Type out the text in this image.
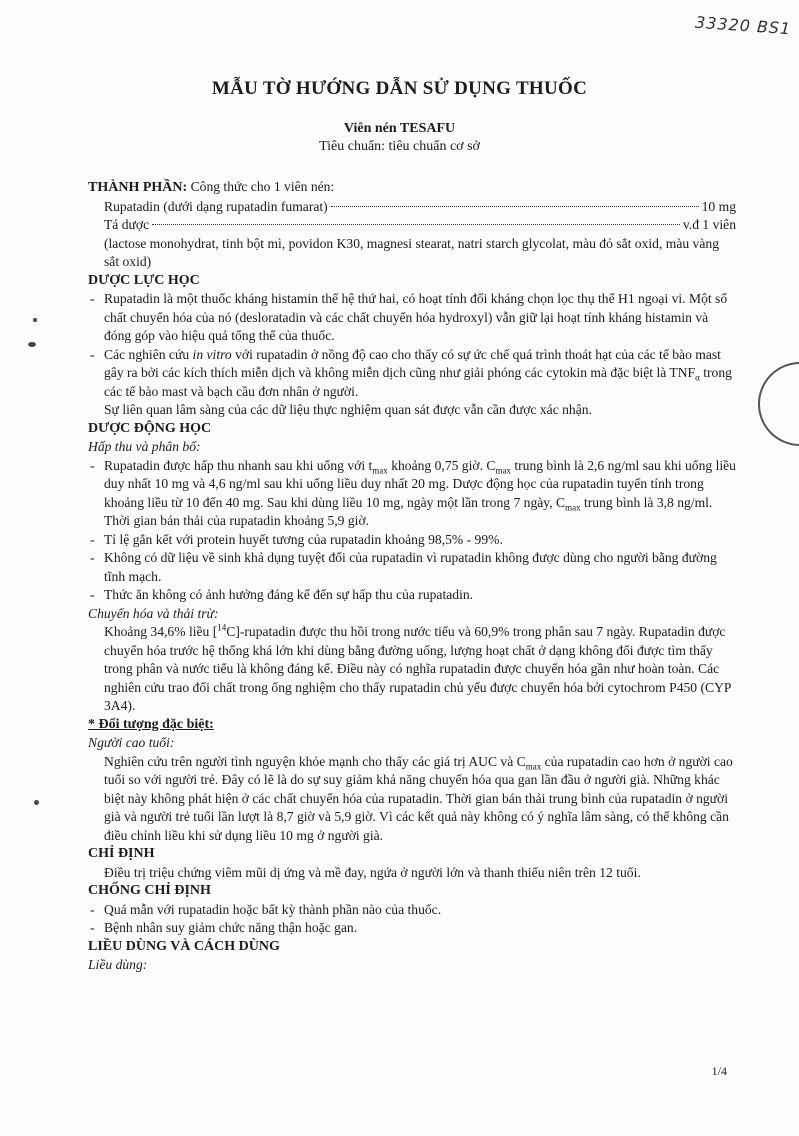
33320 BS1
MẪU TỜ HƯỚNG DẪN SỬ DỤNG THUỐC
Viên nén TESAFU
Tiêu chuẩn: tiêu chuẩn cơ sở

THÀNH PHẦN: Công thức cho 1 viên nén:

Rupatadin (dưới dạng rupatadin fumarat)	10 mg
Tá dược	v.đ 1 viên

(lactose monohydrat, tinh bột mì, povidon K30, magnesi stearat, natri starch glycolat, màu đỏ sắt oxid, màu vàng sắt oxid)

DƯỢC LỰC HỌC

- Rupatadin là một thuốc kháng histamin thế hệ thứ hai, có hoạt tính đối kháng chọn lọc thụ thể H1 ngoại vi. Một số chất chuyển hóa của nó (desloratadin và các chất chuyển hóa hydroxyl) vẫn giữ lại hoạt tính kháng histamin và đóng góp vào hiệu quả tổng thể của thuốc.
- Các nghiên cứu in vitro với rupatadin ở nồng độ cao cho thấy có sự ức chế quá trình thoát hạt của các tế bào mast gây ra bởi các kích thích miễn dịch và không miễn dịch cũng như giải phóng các cytokin mà đặc biệt là $TNF_\alpha$ trong các tế bào mast và bạch cầu đơn nhân ở người.
Sự liên quan lâm sàng của các dữ liệu thực nghiệm quan sát được vẫn cần được xác nhận.

DƯỢC ĐỘNG HỌC

Hấp thu và phân bố:

- Rupatadin được hấp thu nhanh sau khi uống với $t_{max}$ khoảng 0,75 giờ. $C_{max}$ trung bình là 2,6 ng/ml sau khi uống liều duy nhất 10 mg và 4,6 ng/ml sau khi uống liều duy nhất 20 mg. Dược động học của rupatadin tuyến tính trong khoảng liều từ 10 đến 40 mg. Sau khi dùng liều 10 mg, ngày một lần trong 7 ngày, $C_{max}$ trung bình là 3,8 ng/ml. Thời gian bán thải của rupatadin khoảng 5,9 giờ.
- Tỉ lệ gắn kết với protein huyết tương của rupatadin khoảng 98,5% - 99%.
- Không có dữ liệu về sinh khả dụng tuyệt đối của rupatadin vì rupatadin không được dùng cho người bằng đường tĩnh mạch.
- Thức ăn không có ảnh hưởng đáng kể đến sự hấp thu của rupatadin.

Chuyển hóa và thải trừ:

Khoảng 34,6% liều [$^{14}$C]-rupatadin được thu hồi trong nước tiểu và 60,9% trong phân sau 7 ngày. Rupatadin được chuyển hóa trước hệ thống khá lớn khi dùng bằng đường uống, lượng hoạt chất ở dạng không đổi được tìm thấy trong phân và nước tiểu là không đáng kể. Điều này có nghĩa rupatadin được chuyển hóa gần như hoàn toàn. Các nghiên cứu trao đổi chất trong ống nghiệm cho thấy rupatadin chủ yếu được chuyển hóa bởi cytochrom P450 (CYP 3A4).

* Đối tượng đặc biệt:

Người cao tuổi:

Nghiên cứu trên người tình nguyện khỏe mạnh cho thấy các giá trị AUC và $C_{max}$ của rupatadin cao hơn ở người cao tuổi so với người trẻ. Đây có lẽ là do sự suy giảm khả năng chuyển hóa qua gan lần đầu ở người già. Những khác biệt này không phát hiện ở các chất chuyển hóa của rupatadin. Thời gian bán thải trung bình của rupatadin ở người già và người trẻ tuổi lần lượt là 8,7 giờ và 5,9 giờ. Vì các kết quả này không có ý nghĩa lâm sàng, có thể không cần điều chỉnh liều khi sử dụng liều 10 mg ở người già.

CHỈ ĐỊNH

Điều trị triệu chứng viêm mũi dị ứng và mề đay, ngứa ở người lớn và thanh thiếu niên trên 12 tuổi.

CHỐNG CHỈ ĐỊNH

- Quá mẫn với rupatadin hoặc bất kỳ thành phần nào của thuốc.
- Bệnh nhân suy giảm chức năng thận hoặc gan.

LIỀU DÙNG VÀ CÁCH DÙNG

Liều dùng:

1/4
